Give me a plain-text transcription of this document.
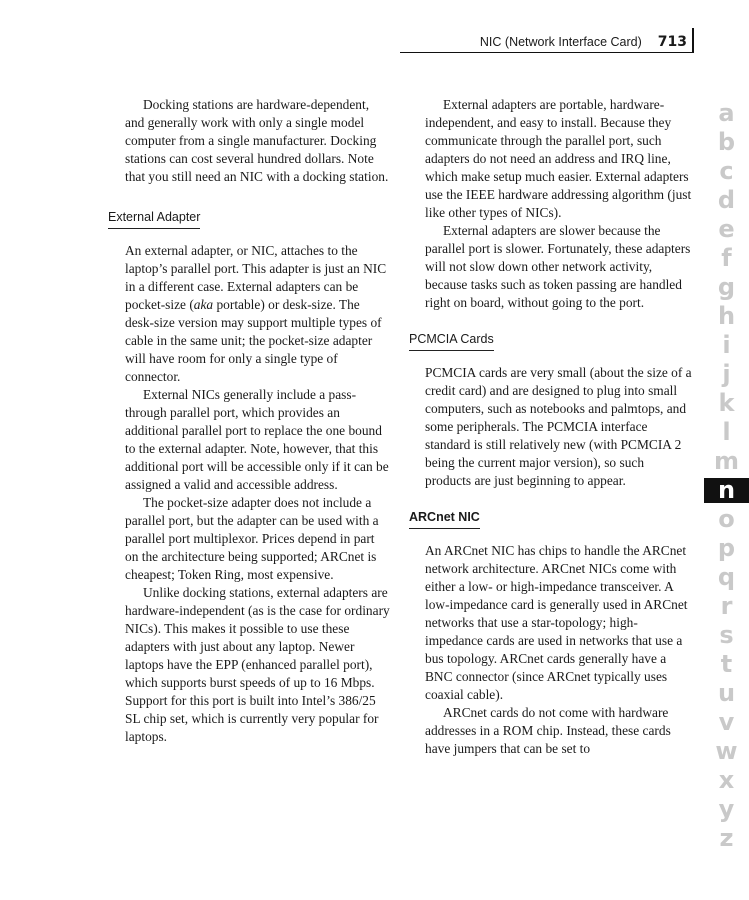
NIC (Network Interface Card) 713

Docking stations are hardware-dependent, and generally work with only a single model computer from a single manufacturer. Docking stations can cost several hundred dollars. Note that you still need an NIC with a docking station.

External Adapter

An external adapter, or NIC, attaches to the laptop’s parallel port. This adapter is just an NIC in a different case. External adapters can be pocket-size (aka portable) or desk-size. The desk-size version may support multiple types of cable in the same unit; the pocket-size adapter will have room for only a single type of connector.

External NICs generally include a pass-through parallel port, which provides an additional parallel port to replace the one bound to the external adapter. Note, however, that this additional port will be accessible only if it can be assigned a valid and accessible address.

The pocket-size adapter does not include a parallel port, but the adapter can be used with a parallel port multiplexor. Prices depend in part on the architecture being supported; ARCnet is cheapest; Token Ring, most expensive.

Unlike docking stations, external adapters are hardware-independent (as is the case for ordinary NICs). This makes it possible to use these adapters with just about any laptop. Newer laptops have the EPP (enhanced parallel port), which supports burst speeds of up to 16 Mbps. Support for this port is built into Intel’s 386/25 SL chip set, which is currently very popular for laptops.

External adapters are portable, hardware-independent, and easy to install. Because they communicate through the parallel port, such adapters do not need an address and IRQ line, which make setup much easier. External adapters use the IEEE hardware addressing algorithm (just like other types of NICs).

External adapters are slower because the parallel port is slower. Fortunately, these adapters will not slow down other network activity, because tasks such as token passing are handled right on board, without going to the port.

PCMCIA Cards

PCMCIA cards are very small (about the size of a credit card) and are designed to plug into small computers, such as notebooks and palmtops, and some peripherals. The PCMCIA interface standard is still relatively new (with PCMCIA 2 being the current major version), so such products are just beginning to appear.

ARCnet NIC

An ARCnet NIC has chips to handle the ARCnet network architecture. ARCnet NICs come with either a low- or high-impedance transceiver. A low-impedance card is generally used in ARCnet networks that use a star-topology; high-impedance cards are used in networks that use a bus topology. ARCnet cards generally have a BNC connector (since ARCnet typically uses coaxial cable).

ARCnet cards do not come with hardware addresses in a ROM chip. Instead, these cards have jumpers that can be set to

a
b
c
d
e
f
g
h
i
j
k
l
m
n
o
p
q
r
s
t
u
v
w
x
y
z
